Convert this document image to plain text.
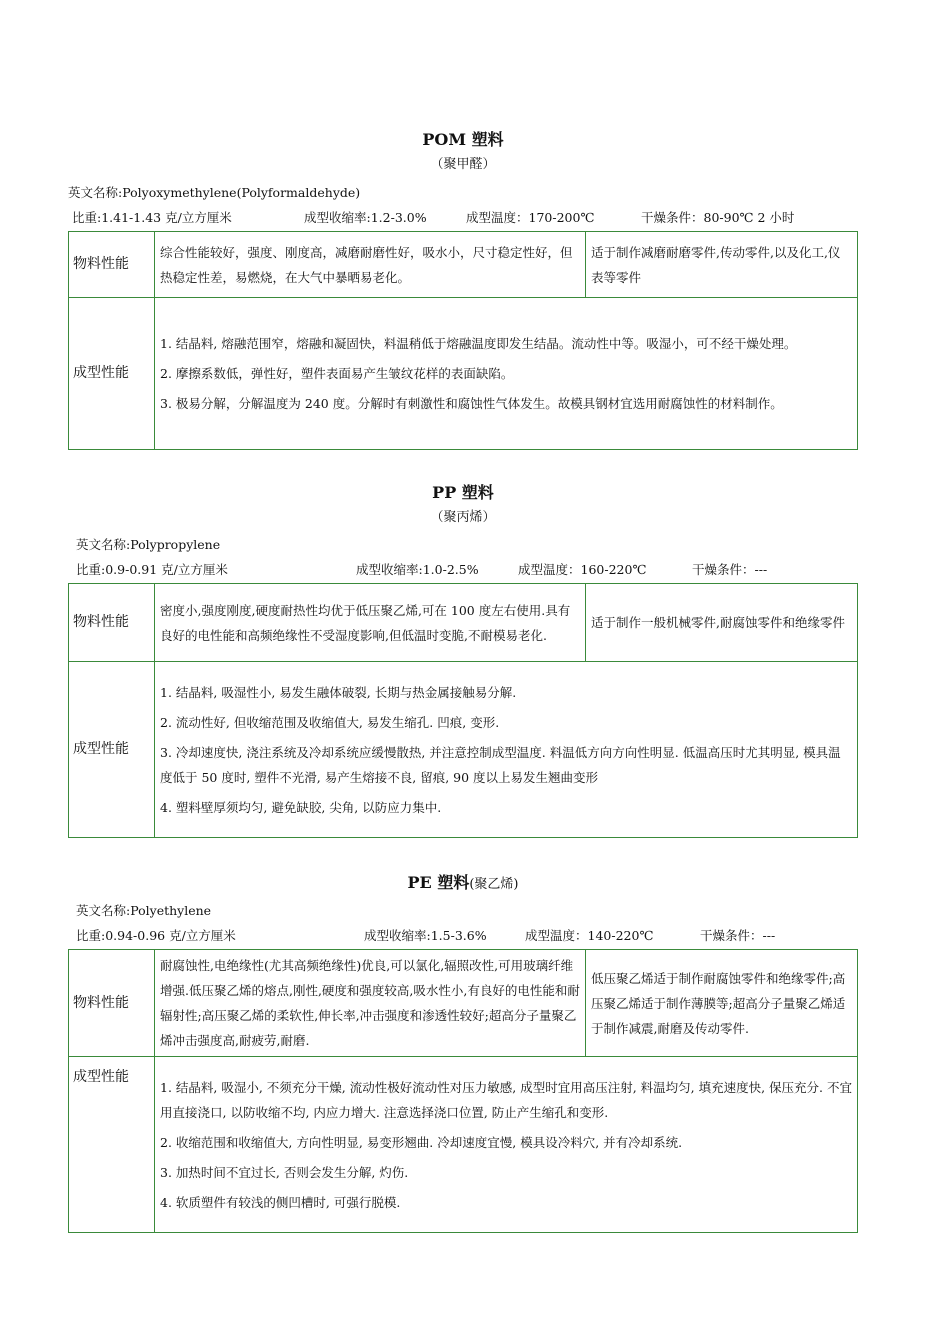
POM 塑料
（聚甲醛）
英文名称:Polyoxymethylene(Polyformaldehyde)
比重:1.41-1.43 克/立方厘米	成型收缩率:1.2-3.0%	成型温度：170-200℃	干燥条件：80-90℃ 2 小时
物料性能	综合性能较好，强度、刚度高，减磨耐磨性好，吸水小，尺寸稳定性好，但热稳定性差，易燃烧，在大气中暴晒易老化。	适于制作减磨耐磨零件,传动零件,以及化工,仪表等零件
成型性能	1. 结晶料, 熔融范围窄，熔融和凝固快，料温稍低于熔融温度即发生结晶。流动性中等。吸湿小，可不经干燥处理。

2. 摩擦系数低，弹性好，塑件表面易产生皱纹花样的表面缺陷。

3. 极易分解，分解温度为 240 度。分解时有刺激性和腐蚀性气体发生。故模具钢材宜选用耐腐蚀性的材料制作。	

PP 塑料
（聚丙烯）
英文名称:Polypropylene
比重:0.9-0.91 克/立方厘米	成型收缩率:1.0-2.5%	成型温度：160-220℃	干燥条件：---
物料性能	密度小,强度刚度,硬度耐热性均优于低压聚乙烯,可在 100 度左右使用.具有良好的电性能和高频绝缘性不受湿度影响,但低温时变脆,不耐模易老化.	适于制作一般机械零件,耐腐蚀零件和绝缘零件
成型性能	1. 结晶料, 吸湿性小, 易发生融体破裂, 长期与热金属接触易分解.

2. 流动性好, 但收缩范围及收缩值大, 易发生缩孔. 凹痕, 变形.

3. 冷却速度快, 浇注系统及冷却系统应缓慢散热, 并注意控制成型温度. 料温低方向方向性明显. 低温高压时尤其明显, 模具温度低于 50 度时, 塑件不光滑, 易产生熔接不良, 留痕, 90 度以上易发生翘曲变形

4. 塑料壁厚须均匀, 避免缺胶, 尖角, 以防应力集中.	

PE 塑料(聚乙烯)
英文名称:Polyethylene
比重:0.94-0.96 克/立方厘米	成型收缩率:1.5-3.6%	成型温度：140-220℃	干燥条件：---
物料性能	耐腐蚀性,电绝缘性(尤其高频绝缘性)优良,可以氯化,辐照改性,可用玻璃纤维增强.低压聚乙烯的熔点,刚性,硬度和强度较高,吸水性小,有良好的电性能和耐辐射性;高压聚乙烯的柔软性,伸长率,冲击强度和渗透性较好;超高分子量聚乙烯冲击强度高,耐疲劳,耐磨.	低压聚乙烯适于制作耐腐蚀零件和绝缘零件;高压聚乙烯适于制作薄膜等;超高分子量聚乙烯适于制作减震,耐磨及传动零件.
成型性能	1. 结晶料, 吸湿小, 不须充分干燥, 流动性极好流动性对压力敏感, 成型时宜用高压注射, 料温均匀, 填充速度快, 保压充分. 不宜用直接浇口, 以防收缩不均, 内应力增大. 注意选择浇口位置, 防止产生缩孔和变形.

2. 收缩范围和收缩值大, 方向性明显, 易变形翘曲. 冷却速度宜慢, 模具设冷料穴, 并有冷却系统.

3. 加热时间不宜过长, 否则会发生分解, 灼伤.

4. 软质塑件有较浅的侧凹槽时, 可强行脱模.	
